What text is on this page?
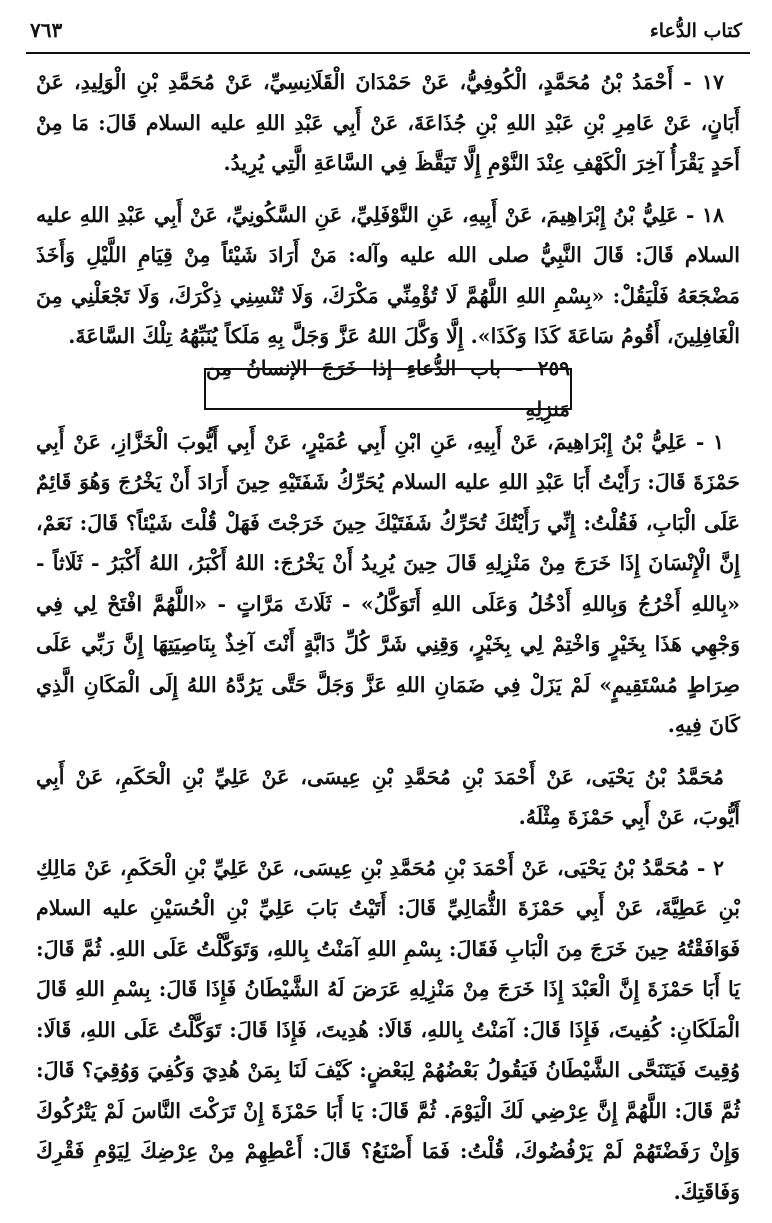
كتاب الدُّعاء
٧٦٣

١٧ - أَحْمَدُ بْنُ مُحَمَّدٍ، الْكُوفِيُّ، عَنْ حَمْدَانَ الْقَلَانِسِيِّ، عَنْ مُحَمَّدِ بْنِ الْوَلِيدِ، عَنْ أَبَانٍ، عَنْ عَامِرِ بْنِ عَبْدِ اللهِ بْنِ جُذَاعَةَ، عَنْ أَبِي عَبْدِ اللهِ عليه السلام قَالَ: مَا مِنْ أَحَدٍ يَقْرَأُ آخِرَ الْكَهْفِ عِنْدَ النَّوْمِ إِلَّا تَيَقَّظَ فِي السَّاعَةِ الَّتِي يُرِيدُ.

١٨ - عَلِيُّ بْنُ إِبْرَاهِيمَ، عَنْ أَبِيهِ، عَنِ النَّوْفَلِيِّ، عَنِ السَّكُونِيِّ، عَنْ أَبِي عَبْدِ اللهِ عليه السلام قَالَ: قَالَ النَّبِيُّ صلى الله عليه وآله: مَنْ أَرَادَ شَيْئاً مِنْ قِيَامِ اللَّيْلِ وَأَخَذَ مَضْجَعَهُ فَلْيَقُلْ: «بِسْمِ اللهِ اللَّهُمَّ لَا تُؤْمِنِّي مَكْرَكَ، وَلَا تُنْسِنِي ذِكْرَكَ، وَلَا تَجْعَلْنِي مِنَ الْغَافِلِينَ، أَقُومُ سَاعَةَ كَذَا وَكَذَا». إِلَّا وَكَّلَ اللهُ عَزَّ وَجَلَّ بِهِ مَلَكاً يُنَبِّهُهُ تِلْكَ السَّاعَةَ.

٢٥٩ - باب الدُّعاءِ إذا خَرَجَ الإنسانُ مِن مَنزِلِهِ

١ - عَلِيُّ بْنُ إِبْرَاهِيمَ، عَنْ أَبِيهِ، عَنِ ابْنِ أَبِي عُمَيْرٍ، عَنْ أَبِي أَيُّوبَ الْخَزَّازِ، عَنْ أَبِي حَمْزَةَ قَالَ: رَأَيْتُ أَبَا عَبْدِ اللهِ عليه السلام يُحَرِّكُ شَفَتَيْهِ حِينَ أَرَادَ أَنْ يَخْرُجَ وَهُوَ قَائِمٌ عَلَى الْبَابِ، فَقُلْتُ: إِنِّي رَأَيْتُكَ تُحَرِّكُ شَفَتَيْكَ حِينَ خَرَجْتَ فَهَلْ قُلْتَ شَيْئاً؟ قَالَ: نَعَمْ، إِنَّ الْإِنْسَانَ إِذَا خَرَجَ مِنْ مَنْزِلِهِ قَالَ حِينَ يُرِيدُ أَنْ يَخْرُجَ: اللهُ أَكْبَرُ، اللهُ أَكْبَرُ - ثَلَاثاً - «بِاللهِ أَخْرُجُ وَبِاللهِ أَدْخُلُ وَعَلَى اللهِ أَتَوَكَّلُ» - ثَلَاثَ مَرَّاتٍ - «اللَّهُمَّ افْتَحْ لِي فِي وَجْهِي هَذَا بِخَيْرٍ وَاخْتِمْ لِي بِخَيْرٍ، وَقِنِي شَرَّ كُلِّ دَابَّةٍ أَنْتَ آخِذٌ بِنَاصِيَتِهَا إِنَّ رَبِّي عَلَى صِرَاطٍ مُسْتَقِيمٍ» لَمْ يَزَلْ فِي ضَمَانِ اللهِ عَزَّ وَجَلَّ حَتَّى يَرُدَّهُ اللهُ إِلَى الْمَكَانِ الَّذِي كَانَ فِيهِ.

مُحَمَّدُ بْنُ يَحْيَى، عَنْ أَحْمَدَ بْنِ مُحَمَّدِ بْنِ عِيسَى، عَنْ عَلِيِّ بْنِ الْحَكَمِ، عَنْ أَبِي أَيُّوبَ، عَنْ أَبِي حَمْزَةَ مِثْلَهُ.

٢ - مُحَمَّدُ بْنُ يَحْيَى، عَنْ أَحْمَدَ بْنِ مُحَمَّدِ بْنِ عِيسَى، عَنْ عَلِيِّ بْنِ الْحَكَمِ، عَنْ مَالِكِ بْنِ عَطِيَّةَ، عَنْ أَبِي حَمْزَةَ الثُّمَالِيِّ قَالَ: أَتَيْتُ بَابَ عَلِيِّ بْنِ الْحُسَيْنِ عليه السلام فَوَافَقْتُهُ حِينَ خَرَجَ مِنَ الْبَابِ فَقَالَ: بِسْمِ اللهِ آمَنْتُ بِاللهِ، وَتَوَكَّلْتُ عَلَى اللهِ. ثُمَّ قَالَ: يَا أَبَا حَمْزَةَ إِنَّ الْعَبْدَ إِذَا خَرَجَ مِنْ مَنْزِلِهِ عَرَضَ لَهُ الشَّيْطَانُ فَإِذَا قَالَ: بِسْمِ اللهِ قَالَ الْمَلَكَانِ: كُفِيتَ، فَإِذَا قَالَ: آمَنْتُ بِاللهِ، قَالَا: هُدِيتَ، فَإِذَا قَالَ: تَوَكَّلْتُ عَلَى اللهِ، قَالَا: وُقِيتَ فَيَتَنَحَّى الشَّيْطَانُ فَيَقُولُ بَعْضُهُمْ لِبَعْضٍ: كَيْفَ لَنَا بِمَنْ هُدِيَ وَكُفِيَ وَوُقِيَ؟ قَالَ: ثُمَّ قَالَ: اللَّهُمَّ إِنَّ عِرْضِي لَكَ الْيَوْمَ. ثُمَّ قَالَ: يَا أَبَا حَمْزَةَ إِنْ تَرَكْتَ النَّاسَ لَمْ يَتْرُكُوكَ وَإِنْ رَفَضْتَهُمْ لَمْ يَرْفُضُوكَ، قُلْتُ: فَمَا أَصْنَعُ؟ قَالَ: أَعْطِهِمْ مِنْ عِرْضِكَ لِيَوْمِ فَقْرِكَ وَفَاقَتِكَ.
